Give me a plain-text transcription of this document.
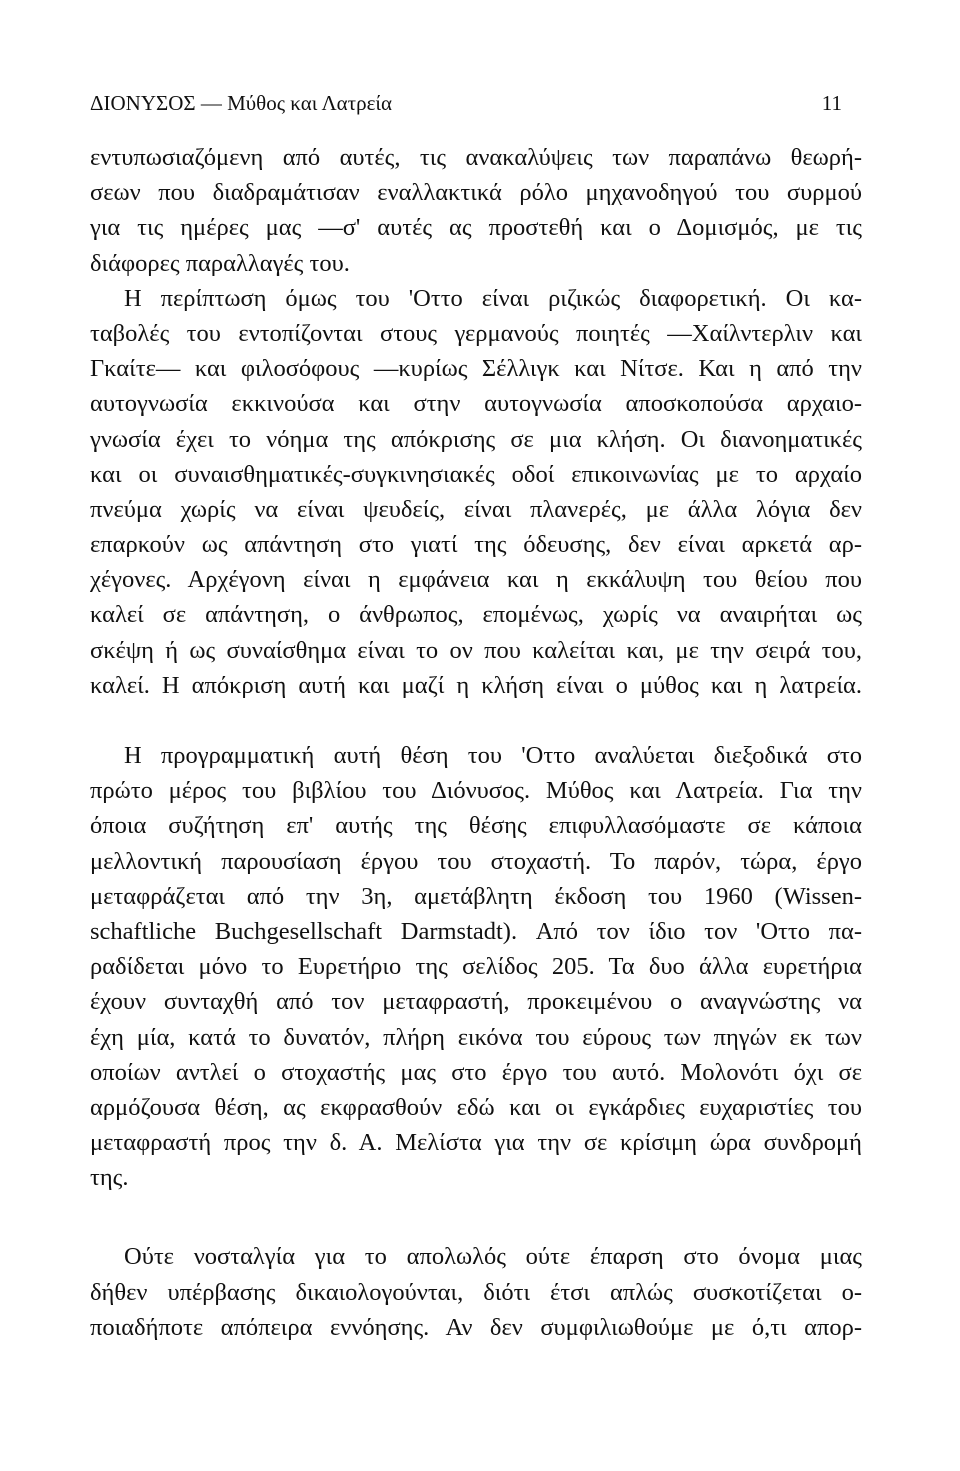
ΔΙΟΝΥΣΟΣ — Μύθος και Λατρεία	11
εντυπωσιαζόμενη από αυτές, τις ανακαλύψεις των παραπάνω θεωρή-
σεων που διαδραμάτισαν εναλλακτικά ρόλο μηχανοδηγού του συρμού
για τις ημέρες μας —σ' αυτές ας προστεθή και ο Δομισμός, με τις
διάφορες παραλλαγές του.
Η περίπτωση όμως του 'Οττο είναι ριζικώς διαφορετική. Οι κα-
ταβολές του εντοπίζονται στους γερμανούς ποιητές —Χαίλντερλιν και
Γκαίτε— και φιλοσόφους —κυρίως Σέλλιγκ και Νίτσε. Και η από την
αυτογνωσία εκκινούσα και στην αυτογνωσία αποσκοπούσα αρχαιο-
γνωσία έχει το νόημα της απόκρισης σε μια κλήση. Οι διανοηματικές
και οι συναισθηματικές-συγκινησιακές οδοί επικοινωνίας με το αρχαίο
πνεύμα χωρίς να είναι ψευδείς, είναι πλανερές, με άλλα λόγια δεν
επαρκούν ως απάντηση στο γιατί της όδευσης, δεν είναι αρκετά αρ-
χέγονες. Αρχέγονη είναι η εμφάνεια και η εκκάλυψη του θείου που
καλεί σε απάντηση, ο άνθρωπος, επομένως, χωρίς να αναιρήται ως
σκέψη ή ως συναίσθημα είναι το ον που καλείται και, με την σειρά του,
καλεί. Η απόκριση αυτή και μαζί η κλήση είναι ο μύθος και η λατρεία.
Η προγραμματική αυτή θέση του 'Οττο αναλύεται διεξοδικά στο
πρώτο μέρος του βιβλίου του Διόνυσος. Μύθος και Λατρεία. Για την
όποια συζήτηση επ' αυτής της θέσης επιφυλλασόμαστε σε κάποια
μελλοντική παρουσίαση έργου του στοχαστή. Το παρόν, τώρα, έργο
μεταφράζεται από την 3η, αμετάβλητη έκδοση του 1960 (Wissen-
schaftliche Buchgesellschaft Darmstadt). Από τον ίδιο τον 'Οττο πα-
ραδίδεται μόνο το Ευρετήριο της σελίδος 205. Τα δυο άλλα ευρετήρια
έχουν συνταχθή από τον μεταφραστή, προκειμένου ο αναγνώστης να
έχη μία, κατά το δυνατόν, πλήρη εικόνα του εύρους των πηγών εκ των
οποίων αντλεί ο στοχαστής μας στο έργο του αυτό. Μολονότι όχι σε
αρμόζουσα θέση, ας εκφρασθούν εδώ και οι εγκάρδιες ευχαριστίες του
μεταφραστή προς την δ. Α. Μελίστα για την σε κρίσιμη ώρα συνδρομή
της.
Ούτε νοσταλγία για το απολωλός ούτε έπαρση στο όνομα μιας
δήθεν υπέρβασης δικαιολογούνται, διότι έτσι απλώς συσκοτίζεται ο-
ποιαδήποτε απόπειρα εννόησης. Αν δεν συμφιλιωθούμε με ό,τι απορ-
